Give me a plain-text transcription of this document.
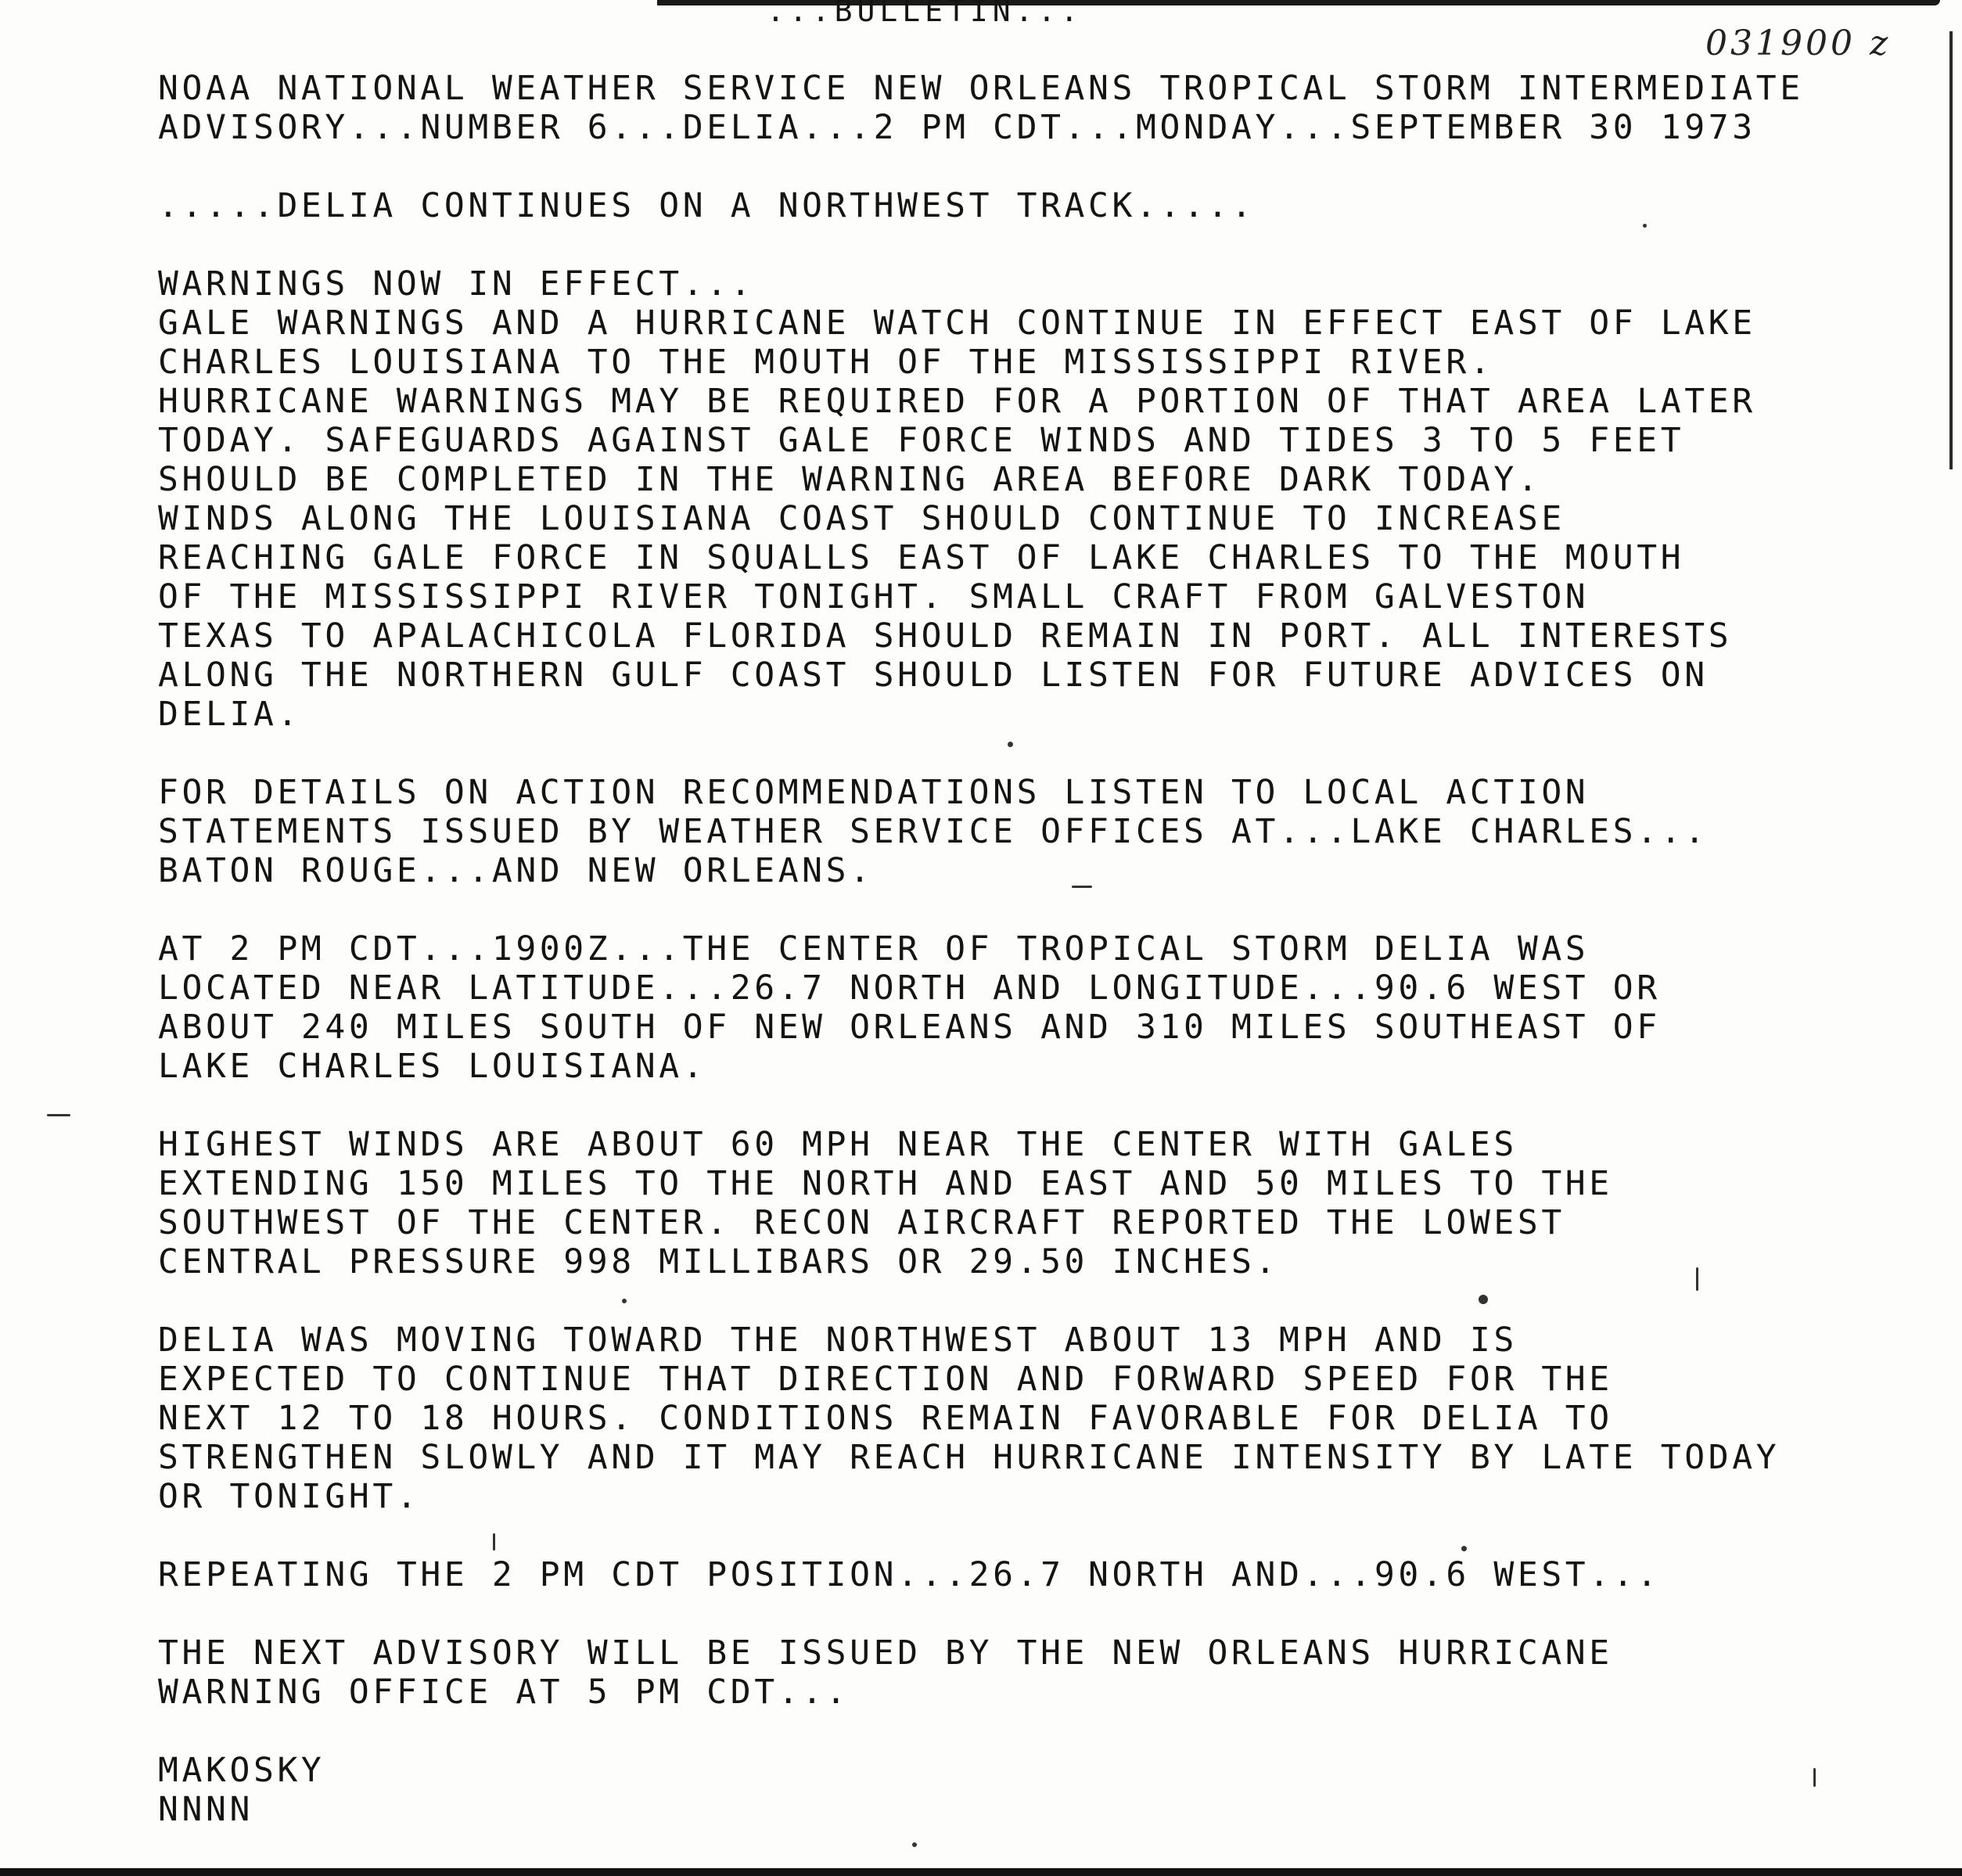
...BULLETIN...
031900 z
NOAA NATIONAL WEATHER SERVICE NEW ORLEANS TROPICAL STORM INTERMEDIATE
ADVISORY...NUMBER 6...DELIA...2 PM CDT...MONDAY...SEPTEMBER 30 1973
.....DELIA CONTINUES ON A NORTHWEST TRACK.....
WARNINGS NOW IN EFFECT...
GALE WARNINGS AND A HURRICANE WATCH CONTINUE IN EFFECT EAST OF LAKE
CHARLES LOUISIANA TO THE MOUTH OF THE MISSISSIPPI RIVER.
HURRICANE WARNINGS MAY BE REQUIRED FOR A PORTION OF THAT AREA LATER
TODAY. SAFEGUARDS AGAINST GALE FORCE WINDS AND TIDES 3 TO 5 FEET
SHOULD BE COMPLETED IN THE WARNING AREA BEFORE DARK TODAY.
WINDS ALONG THE LOUISIANA COAST SHOULD CONTINUE TO INCREASE
REACHING GALE FORCE IN SQUALLS EAST OF LAKE CHARLES TO THE MOUTH
OF THE MISSISSIPPI RIVER TONIGHT. SMALL CRAFT FROM GALVESTON
TEXAS TO APALACHICOLA FLORIDA SHOULD REMAIN IN PORT. ALL INTERESTS
ALONG THE NORTHERN GULF COAST SHOULD LISTEN FOR FUTURE ADVICES ON
DELIA.
FOR DETAILS ON ACTION RECOMMENDATIONS LISTEN TO LOCAL ACTION
STATEMENTS ISSUED BY WEATHER SERVICE OFFICES AT...LAKE CHARLES...
BATON ROUGE...AND NEW ORLEANS.
AT 2 PM CDT...1900Z...THE CENTER OF TROPICAL STORM DELIA WAS
LOCATED NEAR LATITUDE...26.7 NORTH AND LONGITUDE...90.6 WEST OR
ABOUT 240 MILES SOUTH OF NEW ORLEANS AND 310 MILES SOUTHEAST OF
LAKE CHARLES LOUISIANA.
HIGHEST WINDS ARE ABOUT 60 MPH NEAR THE CENTER WITH GALES
EXTENDING 150 MILES TO THE NORTH AND EAST AND 50 MILES TO THE
SOUTHWEST OF THE CENTER. RECON AIRCRAFT REPORTED THE LOWEST
CENTRAL PRESSURE 998 MILLIBARS OR 29.50 INCHES.
DELIA WAS MOVING TOWARD THE NORTHWEST ABOUT 13 MPH AND IS
EXPECTED TO CONTINUE THAT DIRECTION AND FORWARD SPEED FOR THE
NEXT 12 TO 18 HOURS. CONDITIONS REMAIN FAVORABLE FOR DELIA TO
STRENGTHEN SLOWLY AND IT MAY REACH HURRICANE INTENSITY BY LATE TODAY
OR TONIGHT.
REPEATING THE 2 PM CDT POSITION...26.7 NORTH AND...90.6 WEST...
THE NEXT ADVISORY WILL BE ISSUED BY THE NEW ORLEANS HURRICANE
WARNING OFFICE AT 5 PM CDT...
MAKOSKY
NNNN
